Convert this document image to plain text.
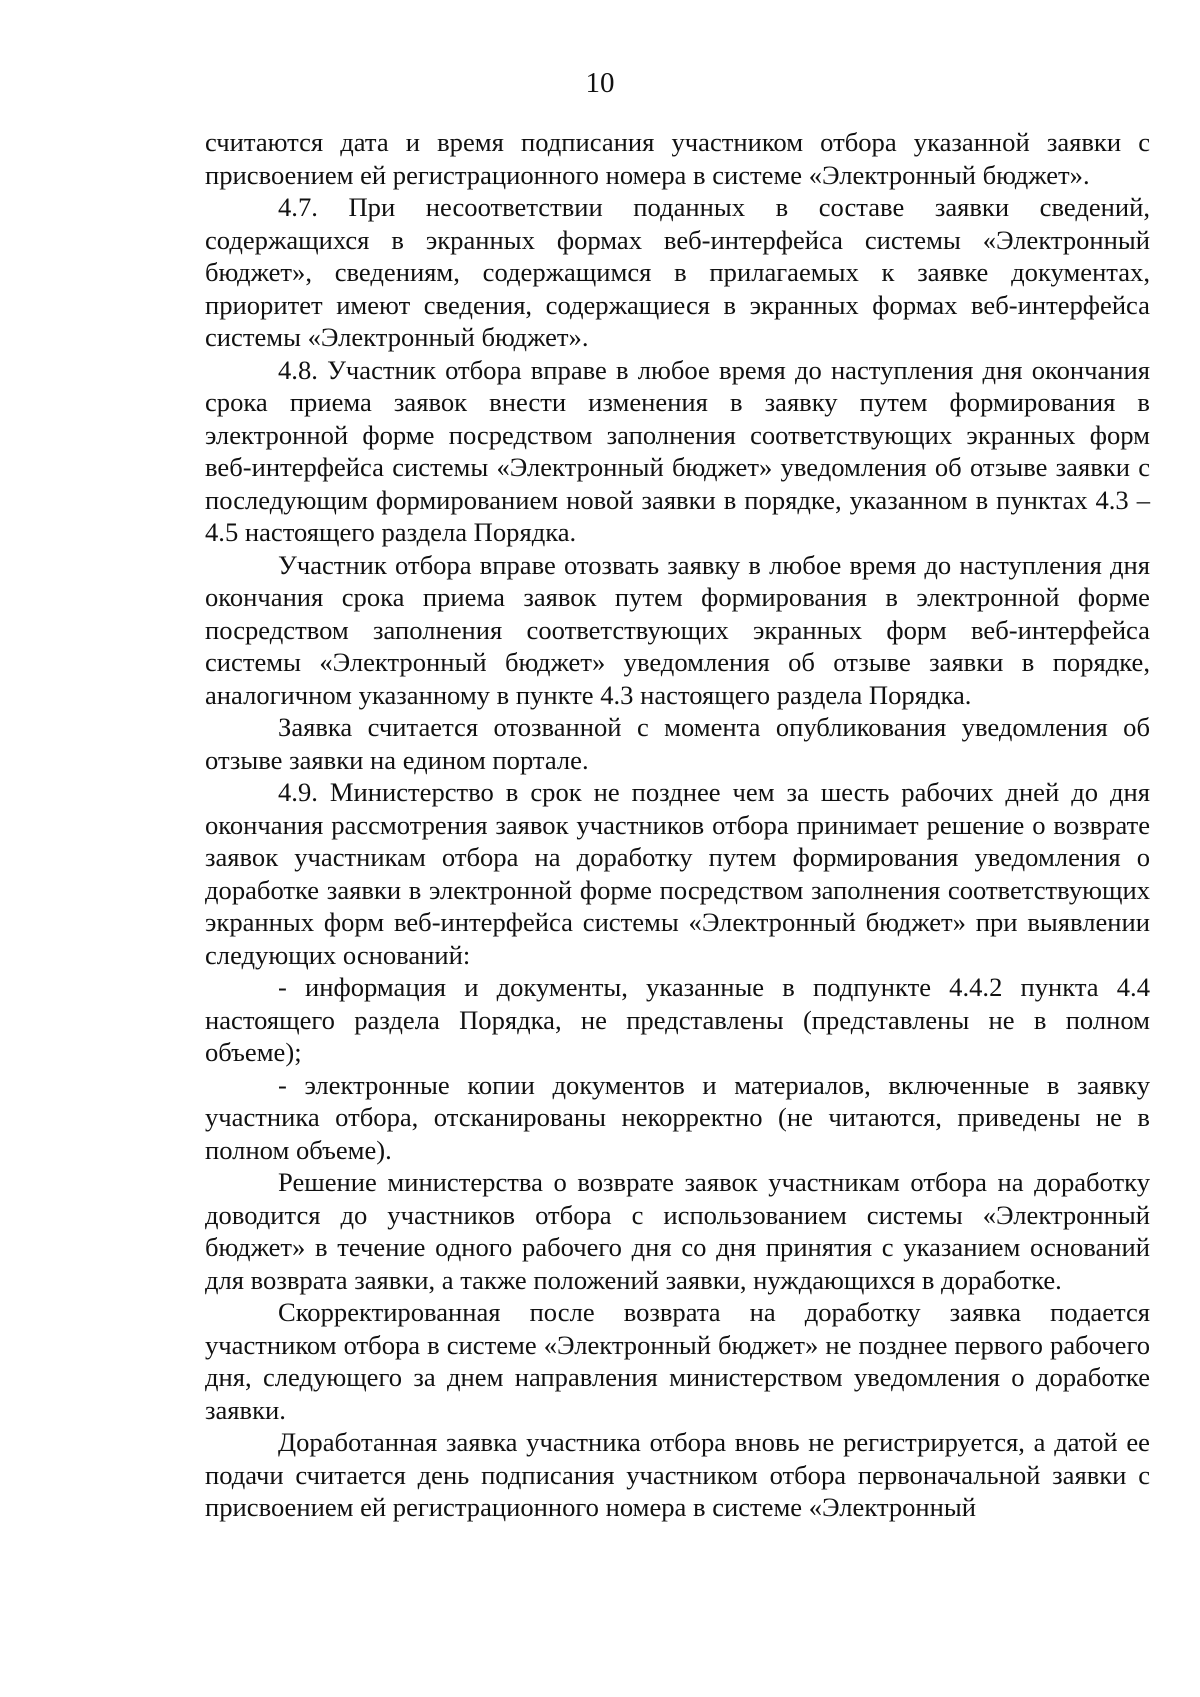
10

считаются дата и время подписания участником отбора указанной заявки с присвоением ей регистрационного номера в системе «Электронный бюджет».

4.7. При несоответствии поданных в составе заявки сведений, содержащихся в экранных формах веб-интерфейса системы «Электронный бюджет», сведениям, содержащимся в прилагаемых к заявке документах, приоритет имеют сведения, содержащиеся в экранных формах веб-интерфейса системы «Электронный бюджет».

4.8. Участник отбора вправе в любое время до наступления дня окончания срока приема заявок внести изменения в заявку путем формирования в электронной форме посредством заполнения соответствующих экранных форм веб-интерфейса системы «Электронный бюджет» уведомления об отзыве заявки с последующим формированием новой заявки в порядке, указанном в пунктах 4.3 – 4.5 настоящего раздела Порядка.

Участник отбора вправе отозвать заявку в любое время до наступления дня окончания срока приема заявок путем формирования в электронной форме посредством заполнения соответствующих экранных форм веб-интерфейса системы «Электронный бюджет» уведомления об отзыве заявки в порядке, аналогичном указанному в пункте 4.3 настоящего раздела Порядка.

Заявка считается отозванной с момента опубликования уведомления об отзыве заявки на едином портале.

4.9. Министерство в срок не позднее чем за шесть рабочих дней до дня окончания рассмотрения заявок участников отбора принимает решение о возврате заявок участникам отбора на доработку путем формирования уведомления о доработке заявки в электронной форме посредством заполнения соответствующих экранных форм веб-интерфейса системы «Электронный бюджет» при выявлении следующих оснований:

- информация и документы, указанные в подпункте 4.4.2 пункта 4.4 настоящего раздела Порядка, не представлены (представлены не в полном объеме);

- электронные копии документов и материалов, включенные в заявку участника отбора, отсканированы некорректно (не читаются, приведены не в полном объеме).

Решение министерства о возврате заявок участникам отбора на доработку доводится до участников отбора с использованием системы «Электронный бюджет» в течение одного рабочего дня со дня принятия с указанием оснований для возврата заявки, а также положений заявки, нуждающихся в доработке.

Скорректированная после возврата на доработку заявка подается участником отбора в системе «Электронный бюджет» не позднее первого рабочего дня, следующего за днем направления министерством уведомления о доработке заявки.

Доработанная заявка участника отбора вновь не регистрируется, а датой ее подачи считается день подписания участником отбора первоначальной заявки с присвоением ей регистрационного номера в системе «Электронный
